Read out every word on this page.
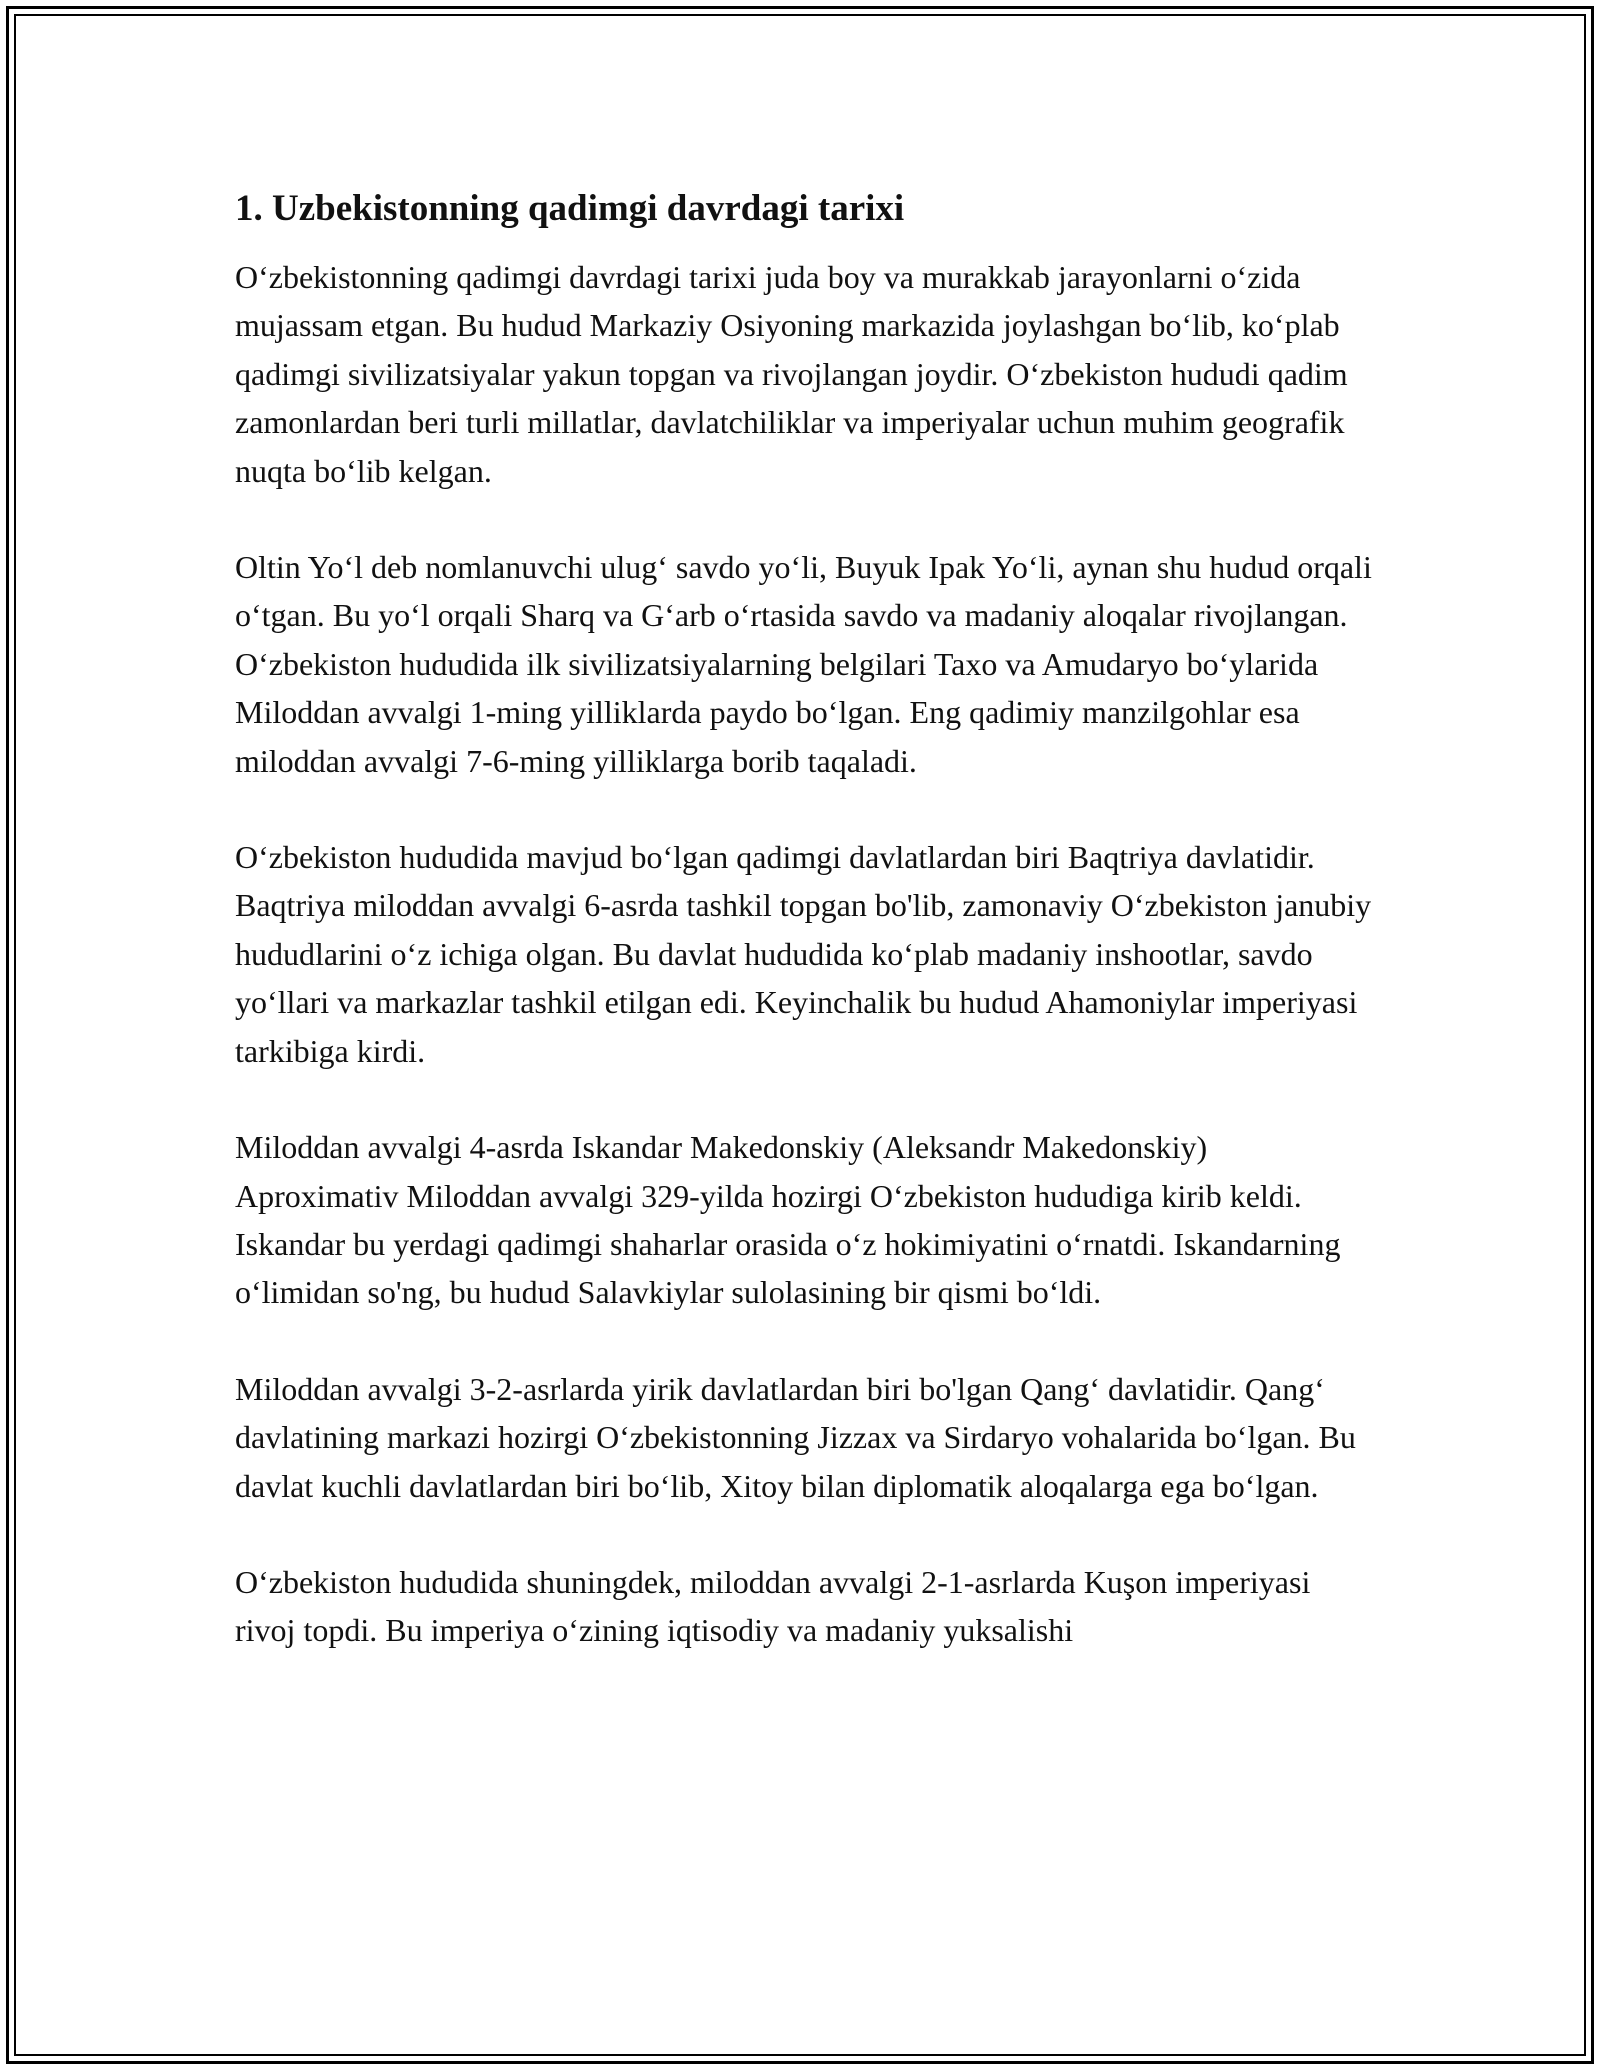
1. Uzbekistonning qadimgi davrdagi tarixi

O‘zbekistonning qadimgi davrdagi tarixi juda boy va murakkab jarayonlarni o‘zida mujassam etgan. Bu hudud Markaziy Osiyoning markazida joylashgan bo‘lib, ko‘plab qadimgi sivilizatsiyalar yakun topgan va rivojlangan joydir. O‘zbekiston hududi qadim zamonlardan beri turli millatlar, davlatchiliklar va imperiyalar uchun muhim geografik nuqta bo‘lib kelgan.

Oltin Yo‘l deb nomlanuvchi ulug‘ savdo yo‘li, Buyuk Ipak Yo‘li, aynan shu hudud orqali o‘tgan. Bu yo‘l orqali Sharq va G‘arb o‘rtasida savdo va madaniy aloqalar rivojlangan. O‘zbekiston hududida ilk sivilizatsiyalarning belgilari Taxo va Amudaryo bo‘ylarida Miloddan avvalgi 1-ming yilliklarda paydo bo‘lgan. Eng qadimiy manzilgohlar esa miloddan avvalgi 7-6-ming yilliklarga borib taqaladi.

O‘zbekiston hududida mavjud bo‘lgan qadimgi davlatlardan biri Baqtriya davlatidir. Baqtriya miloddan avvalgi 6-asrda tashkil topgan bo'lib, zamonaviy O‘zbekiston janubiy hududlarini o‘z ichiga olgan. Bu davlat hududida ko‘plab madaniy inshootlar, savdo yo‘llari va markazlar tashkil etilgan edi. Keyinchalik bu hudud Ahamoniylar imperiyasi tarkibiga kirdi.

Miloddan avvalgi 4-asrda Iskandar Makedonskiy (Aleksandr Makedonskiy) Aproximativ Miloddan avvalgi 329-yilda hozirgi O‘zbekiston hududiga kirib keldi. Iskandar bu yerdagi qadimgi shaharlar orasida o‘z hokimiyatini o‘rnatdi. Iskandarning o‘limidan so'ng, bu hudud Salavkiylar sulolasining bir qismi bo‘ldi.

Miloddan avvalgi 3-2-asrlarda yirik davlatlardan biri bo'lgan Qang‘ davlatidir. Qang‘ davlatining markazi hozirgi O‘zbekistonning Jizzax va Sirdaryo vohalarida bo‘lgan. Bu davlat kuchli davlatlardan biri bo‘lib, Xitoy bilan diplomatik aloqalarga ega bo‘lgan.

O‘zbekiston hududida shuningdek, miloddan avvalgi 2-1-asrlarda Kuşon imperiyasi rivoj topdi. Bu imperiya o‘zining iqtisodiy va madaniy yuksalishi
